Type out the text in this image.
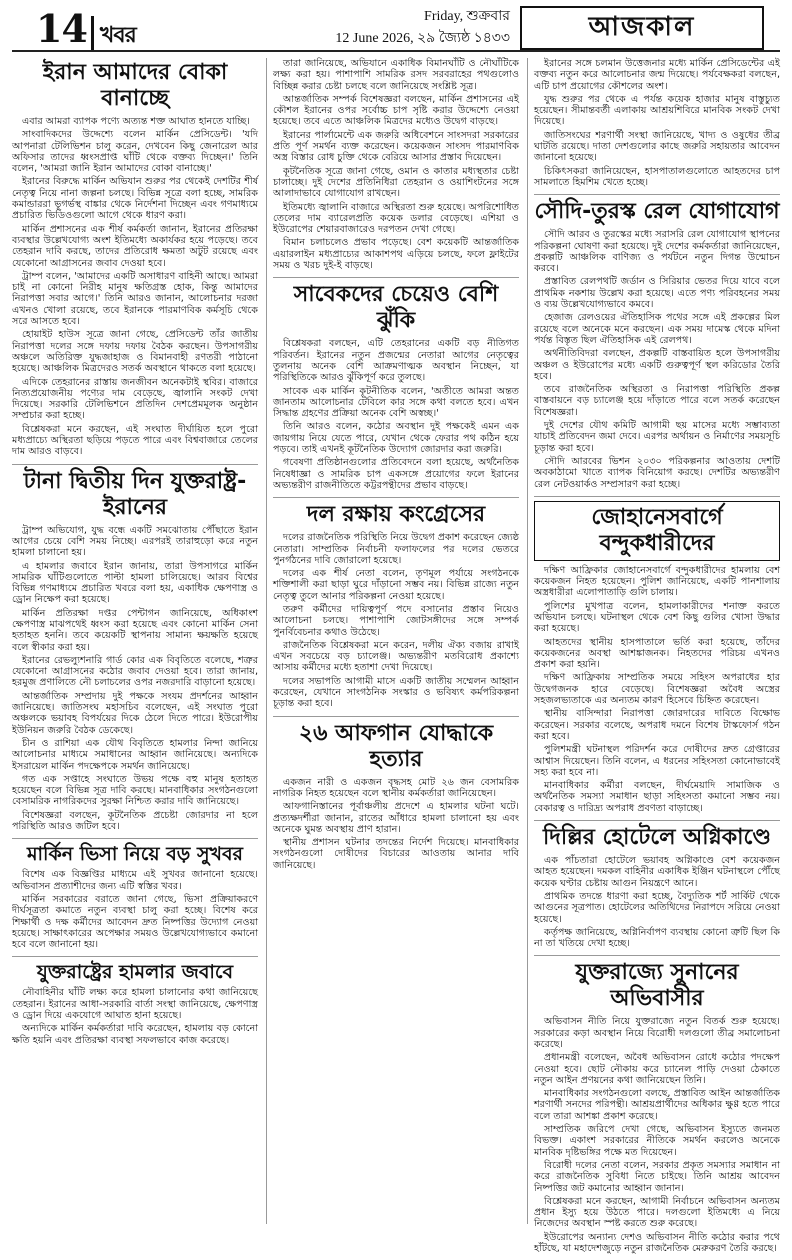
14 খবর
Friday, শুক্রবার
12 June 2026, ২৯ জ্যৈষ্ঠ ১৪৩৩	আজকাল
ইরান আমাদের বোকা বানাচ্ছে

এবার আমরা ব্যাপক পণ্যে অত্যন্ত শক্ত আঘাত হানতে যাচ্ছি।

সাংবাদিকদের উদ্দেশ্যে বলেন মার্কিন প্রেসিডেন্ট। 'যদি আপনারা টেলিভিশন চালু করেন, দেখবেন কিছু জেনারেল আর অফিসার তাদের ধ্বংসপ্রাপ্ত ঘাঁটি থেকে বক্তব্য দিচ্ছেন।' তিনি বলেন, 'আমরা জানি ইরান আমাদের বোকা বানাচ্ছে।'

ইরানের বিরুদ্ধে মার্কিন অভিযান শুরুর পর থেকেই দেশটির শীর্ষ নেতৃত্ব নিয়ে নানা জল্পনা চলছে। বিভিন্ন সূত্রে বলা হচ্ছে, সামরিক কমান্ডাররা ভূগর্ভস্থ বাঙ্কার থেকে নির্দেশনা দিচ্ছেন এবং গণমাধ্যমে প্রচারিত ভিডিওগুলো আগে থেকে ধারণ করা।

মার্কিন প্রশাসনের এক শীর্ষ কর্মকর্তা জানান, ইরানের প্রতিরক্ষা ব্যবস্থার উল্লেখযোগ্য অংশ ইতিমধ্যে অকার্যকর হয়ে পড়েছে। তবে তেহরান দাবি করছে, তাদের প্রতিরোধ ক্ষমতা অটুট রয়েছে এবং যেকোনো আগ্রাসনের জবাব দেওয়া হবে।

ট্রাম্প বলেন, 'আমাদের একটি অসাধারণ বাহিনী আছে। আমরা চাই না কোনো নিরীহ মানুষ ক্ষতিগ্রস্ত হোক, কিন্তু আমাদের নিরাপত্তা সবার আগে।' তিনি আরও জানান, আলোচনার দরজা এখনও খোলা রয়েছে, তবে ইরানকে পারমাণবিক কর্মসূচি থেকে সরে আসতে হবে।

হোয়াইট হাউস সূত্রে জানা গেছে, প্রেসিডেন্ট তাঁর জাতীয় নিরাপত্তা দলের সঙ্গে দফায় দফায় বৈঠক করছেন। উপসাগরীয় অঞ্চলে অতিরিক্ত যুদ্ধজাহাজ ও বিমানবাহী রণতরী পাঠানো হয়েছে। আঞ্চলিক মিত্রদেরও সতর্ক অবস্থানে থাকতে বলা হয়েছে।

এদিকে তেহরানের রাস্তায় জনজীবন অনেকটাই স্থবির। বাজারে নিত্যপ্রয়োজনীয় পণ্যের দাম বেড়েছে, জ্বালানি সংকট দেখা দিয়েছে। সরকারি টেলিভিশনে প্রতিদিন দেশপ্রেমমূলক অনুষ্ঠান সম্প্রচার করা হচ্ছে।

বিশ্লেষকরা মনে করছেন, এই সংঘাত দীর্ঘায়িত হলে পুরো মধ্যপ্রাচ্যে অস্থিরতা ছড়িয়ে পড়তে পারে এবং বিশ্ববাজারে তেলের দাম আরও বাড়বে।

টানা দ্বিতীয় দিন যুক্তরাষ্ট্র-ইরানের

ট্রাম্প অভিযোগ, যুদ্ধ বন্ধে একটি সমঝোতায় পৌঁছাতে ইরান আগের চেয়ে বেশি সময় নিচ্ছে। এরপরই তারাহুড়ো করে নতুন হামলা চালানো হয়।

এ হামলার জবাবে ইরান জানায়, তারা উপসাগরে মার্কিন সামরিক ঘাঁটিগুলোতে পাল্টা হামলা চালিয়েছে। আরব বিশ্বের বিভিন্ন গণমাধ্যমে প্রচারিত খবরে বলা হয়, একাধিক ক্ষেপণাস্ত্র ও ড্রোন নিক্ষেপ করা হয়েছে।

মার্কিন প্রতিরক্ষা দপ্তর পেন্টাগন জানিয়েছে, অধিকাংশ ক্ষেপণাস্ত্র মাঝপথেই ধ্বংস করা হয়েছে এবং কোনো মার্কিন সেনা হতাহত হননি। তবে কয়েকটি স্থাপনায় সামান্য ক্ষয়ক্ষতি হয়েছে বলে স্বীকার করা হয়।

ইরানের রেভল্যুশনারি গার্ড কোর এক বিবৃতিতে বলেছে, শত্রুর যেকোনো আগ্রাসনের কঠোর জবাব দেওয়া হবে। তারা জানায়, হরমুজ প্রণালিতে নৌ চলাচলের ওপর নজরদারি বাড়ানো হয়েছে।

আন্তর্জাতিক সম্প্রদায় দুই পক্ষকে সংযম প্রদর্শনের আহ্বান জানিয়েছে। জাতিসংঘ মহাসচিব বলেছেন, এই সংঘাত পুরো অঞ্চলকে ভয়াবহ বিপর্যয়ের দিকে ঠেলে দিতে পারে। ইউরোপীয় ইউনিয়ন জরুরি বৈঠক ডেকেছে।

চীন ও রাশিয়া এক যৌথ বিবৃতিতে হামলার নিন্দা জানিয়ে আলোচনার মাধ্যমে সমাধানের আহ্বান জানিয়েছে। অন্যদিকে ইসরায়েল মার্কিন পদক্ষেপকে সমর্থন জানিয়েছে।

গত এক সপ্তাহে সংঘাতে উভয় পক্ষে বহু মানুষ হতাহত হয়েছেন বলে বিভিন্ন সূত্র দাবি করছে। মানবাধিকার সংগঠনগুলো বেসামরিক নাগরিকদের সুরক্ষা নিশ্চিত করার দাবি জানিয়েছে।

বিশেষজ্ঞরা বলছেন, কূটনৈতিক প্রচেষ্টা জোরদার না হলে পরিস্থিতি আরও জটিল হবে।

মার্কিন ভিসা নিয়ে বড় সুখবর

বিশেষ এক বিজ্ঞপ্তির মাধ্যমে এই সুখবর জানানো হয়েছে। অভিবাসন প্রত্যাশীদের জন্য এটি স্বস্তির খবর।

মার্কিন সরকারের বরাতে জানা গেছে, ভিসা প্রক্রিয়াকরণে দীর্ঘসূত্রতা কমাতে নতুন ব্যবস্থা চালু করা হচ্ছে। বিশেষ করে শিক্ষার্থী ও দক্ষ কর্মীদের আবেদন দ্রুত নিষ্পত্তির উদ্যোগ নেওয়া হয়েছে। সাক্ষাৎকারের অপেক্ষার সময়ও উল্লেখযোগ্যভাবে কমানো হবে বলে জানানো হয়।

যুক্তরাষ্ট্রের হামলার জবাবে

নৌবাহিনীর ঘাঁটি লক্ষ্য করে হামলা চালানোর কথা জানিয়েছে তেহরান। ইরানের আধা-সরকারি বার্তা সংস্থা জানিয়েছে, ক্ষেপণাস্ত্র ও ড্রোন দিয়ে একযোগে আঘাত হানা হয়েছে।

অন্যদিকে মার্কিন কর্মকর্তারা দাবি করেছেন, হামলায় বড় কোনো ক্ষতি হয়নি এবং প্রতিরক্ষা ব্যবস্থা সফলভাবে কাজ করেছে।

তারা জানিয়েছে, অভিযানে একাধিক বিমানঘাঁটি ও নৌঘাঁটিকে লক্ষ্য করা হয়। পাশাপাশি সামরিক রসদ সরবরাহের পথগুলোও বিচ্ছিন্ন করার চেষ্টা চলছে বলে জানিয়েছে সংশ্লিষ্ট সূত্র।

আন্তর্জাতিক সম্পর্ক বিশেষজ্ঞরা বলছেন, মার্কিন প্রশাসনের এই কৌশল ইরানের ওপর সর্বোচ্চ চাপ সৃষ্টি করার উদ্দেশ্যে নেওয়া হয়েছে। তবে এতে আঞ্চলিক মিত্রদের মধ্যেও উদ্বেগ বাড়ছে।

ইরানের পার্লামেন্টে এক জরুরি অধিবেশনে সাংসদরা সরকারের প্রতি পূর্ণ সমর্থন ব্যক্ত করেছেন। কয়েকজন সাংসদ পারমাণবিক অস্ত্র বিস্তার রোধ চুক্তি থেকে বেরিয়ে আসার প্রস্তাব দিয়েছেন।

কূটনৈতিক সূত্রে জানা গেছে, ওমান ও কাতার মধ্যস্থতার চেষ্টা চালাচ্ছে। দুই দেশের প্রতিনিধিরা তেহরান ও ওয়াশিংটনের সঙ্গে আলাদাভাবে যোগাযোগ রাখছেন।

ইতিমধ্যে জ্বালানি বাজারে অস্থিরতা শুরু হয়েছে। অপরিশোধিত তেলের দাম ব্যারেলপ্রতি কয়েক ডলার বেড়েছে। এশিয়া ও ইউরোপের শেয়ারবাজারেও দরপতন দেখা গেছে।

বিমান চলাচলেও প্রভাব পড়েছে। বেশ কয়েকটি আন্তর্জাতিক এয়ারলাইন মধ্যপ্রাচ্যের আকাশপথ এড়িয়ে চলছে, ফলে ফ্লাইটের সময় ও খরচ দুই-ই বাড়ছে।

সাবেকদের চেয়েও বেশি ঝুঁকি

বিশ্লেষকরা বলছেন, এটি তেহরানের একটি বড় নীতিগত পরিবর্তন। ইরানের নতুন প্রজন্মের নেতারা আগের নেতৃত্বের তুলনায় অনেক বেশি আক্রমণাত্মক অবস্থান নিচ্ছেন, যা পরিস্থিতিকে আরও ঝুঁকিপূর্ণ করে তুলছে।

সাবেক এক মার্কিন কূটনীতিক বলেন, 'অতীতে আমরা অন্তত জানতাম আলোচনার টেবিলে কার সঙ্গে কথা বলতে হবে। এখন সিদ্ধান্ত গ্রহণের প্রক্রিয়া অনেক বেশি অস্বচ্ছ।'

তিনি আরও বলেন, কঠোর অবস্থান দুই পক্ষকেই এমন এক জায়গায় নিয়ে যেতে পারে, যেখান থেকে ফেরার পথ কঠিন হয়ে পড়বে। তাই এখনই কূটনৈতিক উদ্যোগ জোরদার করা জরুরি।

গবেষণা প্রতিষ্ঠানগুলোর প্রতিবেদনে বলা হয়েছে, অর্থনৈতিক নিষেধাজ্ঞা ও সামরিক চাপ একসঙ্গে প্রয়োগের ফলে ইরানের অভ্যন্তরীণ রাজনীতিতে কট্টরপন্থীদের প্রভাব বাড়ছে।

দল রক্ষায় কংগ্রেসের

দলের রাজনৈতিক পরিস্থিতি নিয়ে উদ্বেগ প্রকাশ করেছেন জ্যেষ্ঠ নেতারা। সাম্প্রতিক নির্বাচনী ফলাফলের পর দলের ভেতরে পুনর্গঠনের দাবি জোরালো হয়েছে।

দলের এক শীর্ষ নেতা বলেন, তৃণমূল পর্যায়ে সংগঠনকে শক্তিশালী করা ছাড়া ঘুরে দাঁড়ানো সম্ভব নয়। বিভিন্ন রাজ্যে নতুন নেতৃত্ব তুলে আনার পরিকল্পনা নেওয়া হয়েছে।

তরুণ কর্মীদের দায়িত্বপূর্ণ পদে বসানোর প্রস্তাব নিয়েও আলোচনা চলছে। পাশাপাশি জোটসঙ্গীদের সঙ্গে সম্পর্ক পুনর্বিবেচনার কথাও উঠেছে।

রাজনৈতিক বিশ্লেষকরা মনে করেন, দলীয় ঐক্য বজায় রাখাই এখন সবচেয়ে বড় চ্যালেঞ্জ। অভ্যন্তরীণ মতবিরোধ প্রকাশ্যে আসায় কর্মীদের মধ্যে হতাশা দেখা দিয়েছে।

দলের সভাপতি আগামী মাসে একটি জাতীয় সম্মেলন আহ্বান করেছেন, যেখানে সাংগঠনিক সংস্কার ও ভবিষ্যৎ কর্মপরিকল্পনা চূড়ান্ত করা হবে।

২৬ আফগান যোদ্ধাকে হত্যার

একজন নারী ও একজন বৃদ্ধসহ মোট ২৬ জন বেসামরিক নাগরিক নিহত হয়েছেন বলে স্থানীয় কর্মকর্তারা জানিয়েছেন।

আফগানিস্তানের পূর্বাঞ্চলীয় প্রদেশে এ হামলার ঘটনা ঘটে। প্রত্যক্ষদর্শীরা জানান, রাতের আঁধারে হামলা চালানো হয় এবং অনেকে ঘুমন্ত অবস্থায় প্রাণ হারান।

স্থানীয় প্রশাসন ঘটনার তদন্তের নির্দেশ দিয়েছে। মানবাধিকার সংগঠনগুলো দোষীদের বিচারের আওতায় আনার দাবি জানিয়েছে।

ইরানের সঙ্গে চলমান উত্তেজনার মধ্যে মার্কিন প্রেসিডেন্টের এই বক্তব্য নতুন করে আলোচনার জন্ম দিয়েছে। পর্যবেক্ষকরা বলছেন, এটি চাপ প্রয়োগের কৌশলের অংশ।

যুদ্ধ শুরুর পর থেকে এ পর্যন্ত কয়েক হাজার মানুষ বাস্তুচ্যুত হয়েছেন। সীমান্তবর্তী এলাকায় আশ্রয়শিবিরে মানবিক সংকট দেখা দিয়েছে।

জাতিসংঘের শরণার্থী সংস্থা জানিয়েছে, খাদ্য ও ওষুধের তীব্র ঘাটতি রয়েছে। দাতা দেশগুলোর কাছে জরুরি সহায়তার আবেদন জানানো হয়েছে।

চিকিৎসকরা জানিয়েছেন, হাসপাতালগুলোতে আহতদের চাপ সামলাতে হিমশিম খেতে হচ্ছে।

সৌদি-তুরস্ক রেল যোগাযোগ

সৌদি আরব ও তুরস্কের মধ্যে সরাসরি রেল যোগাযোগ স্থাপনের পরিকল্পনা ঘোষণা করা হয়েছে। দুই দেশের কর্মকর্তারা জানিয়েছেন, প্রকল্পটি আঞ্চলিক বাণিজ্য ও পর্যটনে নতুন দিগন্ত উন্মোচন করবে।

প্রস্তাবিত রেলপথটি জর্ডান ও সিরিয়ার ভেতর দিয়ে যাবে বলে প্রাথমিক নকশায় উল্লেখ করা হয়েছে। এতে পণ্য পরিবহনের সময় ও ব্যয় উল্লেখযোগ্যভাবে কমবে।

হেজাজ রেলওয়ের ঐতিহাসিক পথের সঙ্গে এই প্রকল্পের মিল রয়েছে বলে অনেকে মনে করছেন। এক সময় দামেস্ক থেকে মদিনা পর্যন্ত বিস্তৃত ছিল ঐতিহাসিক এই রেলপথ।

অর্থনীতিবিদরা বলছেন, প্রকল্পটি বাস্তবায়িত হলে উপসাগরীয় অঞ্চল ও ইউরোপের মধ্যে একটি গুরুত্বপূর্ণ স্থল করিডোর তৈরি হবে।

তবে রাজনৈতিক অস্থিরতা ও নিরাপত্তা পরিস্থিতি প্রকল্প বাস্তবায়নে বড় চ্যালেঞ্জ হয়ে দাঁড়াতে পারে বলে সতর্ক করেছেন বিশেষজ্ঞরা।

দুই দেশের যৌথ কমিটি আগামী ছয় মাসের মধ্যে সম্ভাব্যতা যাচাই প্রতিবেদন জমা দেবে। এরপর অর্থায়ন ও নির্মাণের সময়সূচি চূড়ান্ত করা হবে।

সৌদি আরবের ভিশন ২০৩০ পরিকল্পনার আওতায় দেশটি অবকাঠামো খাতে ব্যাপক বিনিয়োগ করছে। দেশটির অভ্যন্তরীণ রেল নেটওয়ার্কও সম্প্রসারণ করা হচ্ছে।

জোহানেসবার্গে বন্দুকধারীদের

দক্ষিণ আফ্রিকার জোহানেসবার্গে বন্দুকধারীদের হামলায় বেশ কয়েকজন নিহত হয়েছেন। পুলিশ জানিয়েছে, একটি পানশালায় অস্ত্রধারীরা এলোপাতাড়ি গুলি চালায়।

পুলিশের মুখপাত্র বলেন, হামলাকারীদের শনাক্ত করতে অভিযান চলছে। ঘটনাস্থল থেকে বেশ কিছু গুলির খোসা উদ্ধার করা হয়েছে।

আহতদের স্থানীয় হাসপাতালে ভর্তি করা হয়েছে, তাঁদের কয়েকজনের অবস্থা আশঙ্কাজনক। নিহতদের পরিচয় এখনও প্রকাশ করা হয়নি।

দক্ষিণ আফ্রিকায় সাম্প্রতিক সময়ে সহিংস অপরাধের হার উদ্বেগজনক হারে বেড়েছে। বিশেষজ্ঞরা অবৈধ অস্ত্রের সহজলভ্যতাকে এর অন্যতম কারণ হিসেবে চিহ্নিত করেছেন।

স্থানীয় বাসিন্দারা নিরাপত্তা জোরদারের দাবিতে বিক্ষোভ করেছেন। সরকার বলেছে, অপরাধ দমনে বিশেষ টাস্কফোর্স গঠন করা হবে।

পুলিশমন্ত্রী ঘটনাস্থল পরিদর্শন করে দোষীদের দ্রুত গ্রেপ্তারের আশ্বাস দিয়েছেন। তিনি বলেন, এ ধরনের সহিংসতা কোনোভাবেই সহ্য করা হবে না।

মানবাধিকার কর্মীরা বলছেন, দীর্ঘমেয়াদি সামাজিক ও অর্থনৈতিক সমস্যা সমাধান ছাড়া সহিংসতা কমানো সম্ভব নয়। বেকারত্ব ও দারিদ্র্য অপরাধ প্রবণতা বাড়াচ্ছে।

দিল্লির হোটেলে অগ্নিকাণ্ডে

এক পাঁচতারা হোটেলে ভয়াবহ অগ্নিকাণ্ডে বেশ কয়েকজন আহত হয়েছেন। দমকল বাহিনীর একাধিক ইঞ্জিন ঘটনাস্থলে পৌঁছে কয়েক ঘণ্টার চেষ্টায় আগুন নিয়ন্ত্রণে আনে।

প্রাথমিক তদন্তে ধারণা করা হচ্ছে, বৈদ্যুতিক শর্ট সার্কিট থেকে আগুনের সূত্রপাত। হোটেলের অতিথিদের নিরাপদে সরিয়ে নেওয়া হয়েছে।

কর্তৃপক্ষ জানিয়েছে, অগ্নিনির্বাপণ ব্যবস্থায় কোনো ত্রুটি ছিল কি না তা খতিয়ে দেখা হচ্ছে।

যুক্তরাজ্যে সুনানের অভিবাসীর

অভিবাসন নীতি নিয়ে যুক্তরাজ্যে নতুন বিতর্ক শুরু হয়েছে। সরকারের কড়া অবস্থান নিয়ে বিরোধী দলগুলো তীব্র সমালোচনা করেছে।

প্রধানমন্ত্রী বলেছেন, অবৈধ অভিবাসন রোধে কঠোর পদক্ষেপ নেওয়া হবে। ছোট নৌকায় করে চ্যানেল পাড়ি দেওয়া ঠেকাতে নতুন আইন প্রণয়নের কথা জানিয়েছেন তিনি।

মানবাধিকার সংগঠনগুলো বলছে, প্রস্তাবিত আইন আন্তর্জাতিক শরণার্থী সনদের পরিপন্থী। আশ্রয়প্রার্থীদের অধিকার ক্ষুণ্ণ হতে পারে বলে তারা আশঙ্কা প্রকাশ করেছে।

সাম্প্রতিক জরিপে দেখা গেছে, অভিবাসন ইস্যুতে জনমত বিভক্ত। একাংশ সরকারের নীতিকে সমর্থন করলেও অনেকে মানবিক দৃষ্টিভঙ্গির পক্ষে মত দিয়েছেন।

বিরোধী দলের নেতা বলেন, সরকার প্রকৃত সমস্যার সমাধান না করে রাজনৈতিক সুবিধা নিতে চাইছে। তিনি আশ্রয় আবেদন নিষ্পত্তির জট কমানোর আহ্বান জানান।

বিশ্লেষকরা মনে করছেন, আগামী নির্বাচনে অভিবাসন অন্যতম প্রধান ইস্যু হয়ে উঠতে পারে। দলগুলো ইতিমধ্যে এ নিয়ে নিজেদের অবস্থান স্পষ্ট করতে শুরু করেছে।

ইউরোপের অন্যান্য দেশও অভিবাসন নীতি কঠোর করার পথে হাঁটছে, যা মহাদেশজুড়ে নতুন রাজনৈতিক মেরুকরণ তৈরি করছে।
